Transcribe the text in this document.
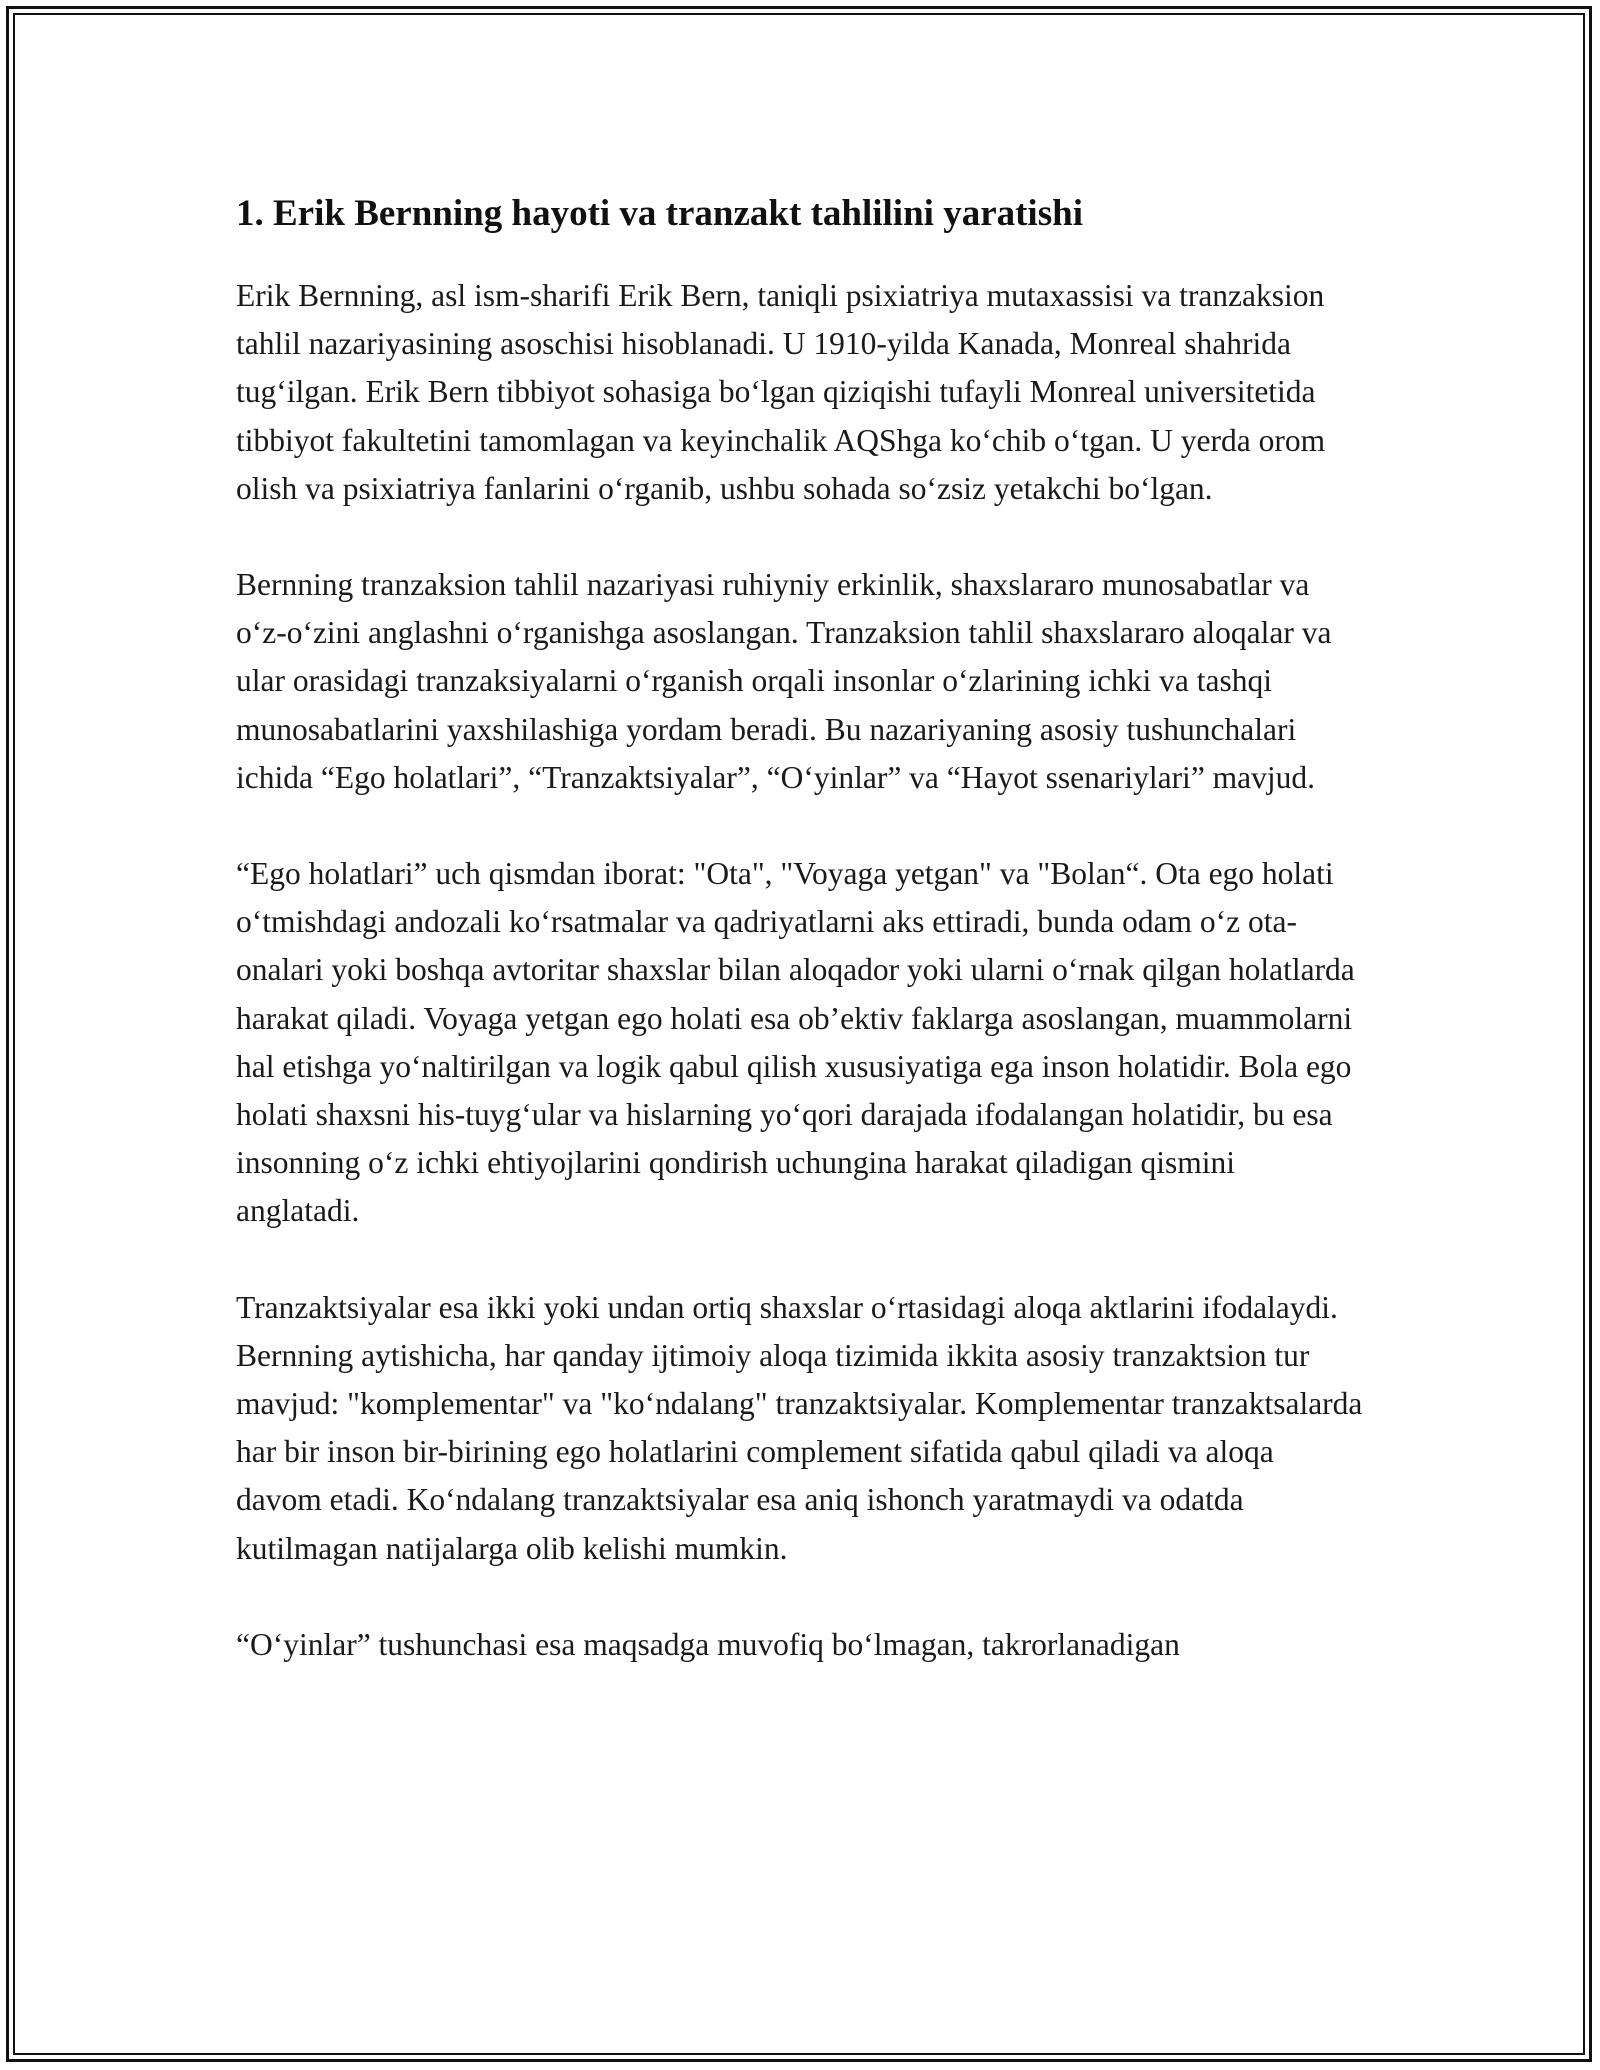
1. Erik Bernning hayoti va tranzakt tahlilini yaratishi

Erik Bernning, asl ism-sharifi Erik Bern, taniqli psixiatriya mutaxassisi va tranzaksion tahlil nazariyasining asoschisi hisoblanadi. U 1910-yilda Kanada, Monreal shahrida tug‘ilgan. Erik Bern tibbiyot sohasiga bo‘lgan qiziqishi tufayli Monreal universitetida tibbiyot fakultetini tamomlagan va keyinchalik AQShga ko‘chib o‘tgan. U yerda orom olish va psixiatriya fanlarini o‘rganib, ushbu sohada so‘zsiz yetakchi bo‘lgan.

Bernning tranzaksion tahlil nazariyasi ruhiyniy erkinlik, shaxslararo munosabatlar va o‘z-o‘zini anglashni o‘rganishga asoslangan. Tranzaksion tahlil shaxslararo aloqalar va ular orasidagi tranzaksiyalarni o‘rganish orqali insonlar o‘zlarining ichki va tashqi munosabatlarini yaxshilashiga yordam beradi. Bu nazariyaning asosiy tushunchalari ichida “Ego holatlari”, “Tranzaktsiyalar”, “O‘yinlar” va “Hayot ssenariylari” mavjud.

“Ego holatlari” uch qismdan iborat: "Ota", "Voyaga yetgan" va "Bolan“. Ota ego holati o‘tmishdagi andozali ko‘rsatmalar va qadriyatlarni aks ettiradi, bunda odam o‘z ota-onalari yoki boshqa avtoritar shaxslar bilan aloqador yoki ularni o‘rnak qilgan holatlarda harakat qiladi. Voyaga yetgan ego holati esa ob’ektiv faklarga asoslangan, muammolarni hal etishga yo‘naltirilgan va logik qabul qilish xususiyatiga ega inson holatidir. Bola ego holati shaxsni his-tuyg‘ular va hislarning yo‘qori darajada ifodalangan holatidir, bu esa insonning o‘z ichki ehtiyojlarini qondirish uchungina harakat qiladigan qismini anglatadi.

Tranzaktsiyalar esa ikki yoki undan ortiq shaxslar o‘rtasidagi aloqa aktlarini ifodalaydi. Bernning aytishicha, har qanday ijtimoiy aloqa tizimida ikkita asosiy tranzaktsion tur mavjud: "komplementar" va "ko‘ndalang" tranzaktsiyalar. Komplementar tranzaktsalarda har bir inson bir-birining ego holatlarini complement sifatida qabul qiladi va aloqa davom etadi. Ko‘ndalang tranzaktsiyalar esa aniq ishonch yaratmaydi va odatda kutilmagan natijalarga olib kelishi mumkin.

“O‘yinlar” tushunchasi esa maqsadga muvofiq bo‘lmagan, takrorlanadigan
